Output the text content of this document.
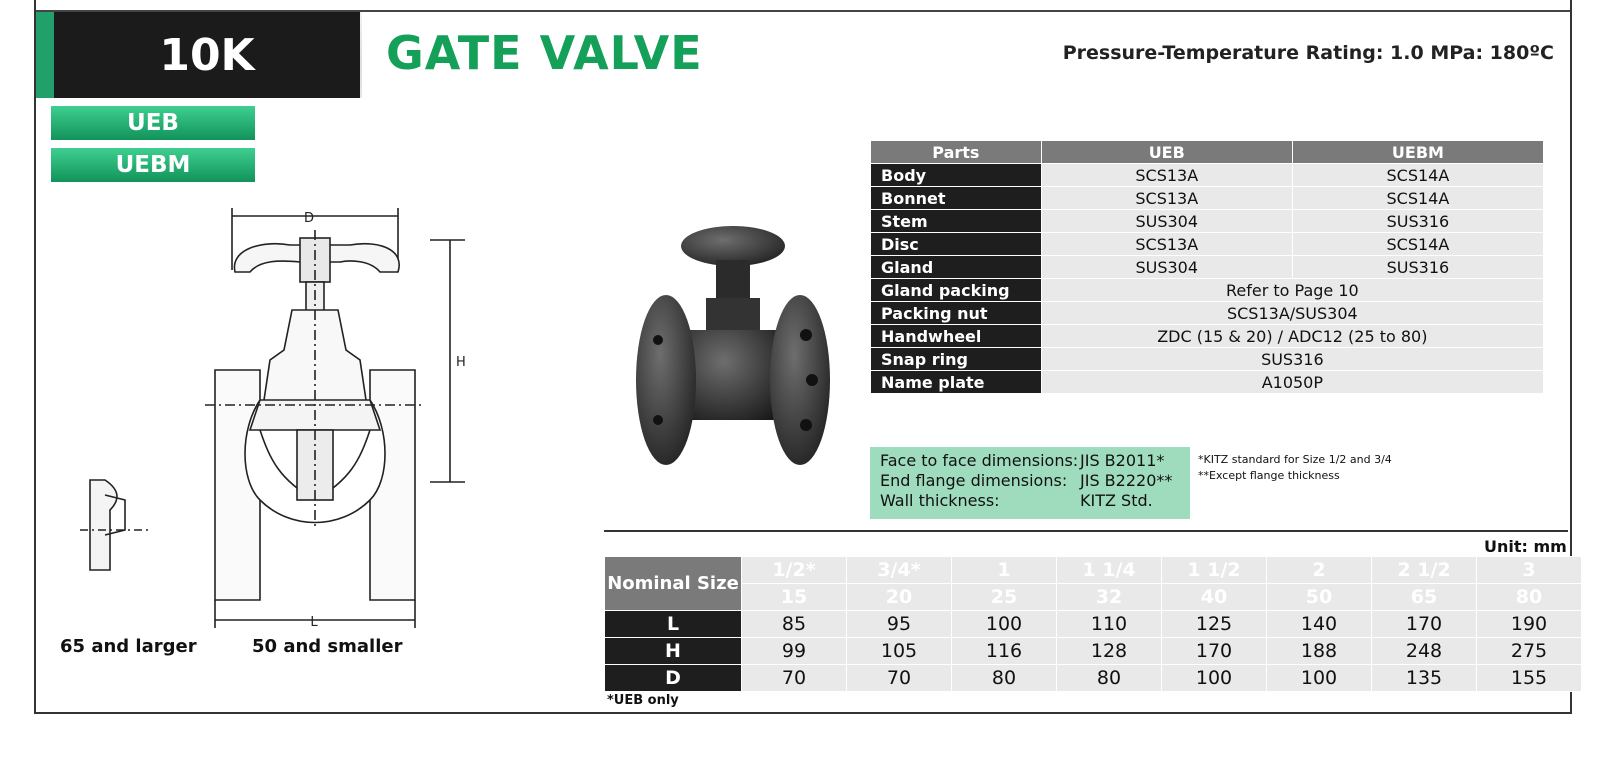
10K	GATE VALVE	Pressure-Temperature Rating: 1.0 MPa: 180ºC
UEB
UEBM
D
H
L
65 and larger	50 and smaller
Parts	UEB	UEBM
Body	SCS13A	SCS14A
Bonnet	SCS13A	SCS14A
Stem	SUS304	SUS316
Disc	SCS13A	SCS14A
Gland	SUS304	SUS316
Gland packing	Refer to Page 10	
Packing nut	SCS13A/SUS304	
Handwheel	ZDC (15 & 20) / ADC12 (25 to 80)	
Snap ring	SUS316	
Name plate	A1050P	
Face to face dimensions: JIS B2011*
End flange dimensions: JIS B2220**
Wall thickness:	KITZ Std.
*KITZ standard for Size 1/2 and 3/4
**Except flange thickness
Unit: mm
Nominal Size	1/2*	3/4*	1	1 1/4	1 1/2	2	2 1/2	3
	15	20	25	32	40	50	65	80
L	85	95	100	110	125	140	170	190
H	99	105	116	128	170	188	248	275
D	70	70	80	80	100	100	135	155
*UEB only
